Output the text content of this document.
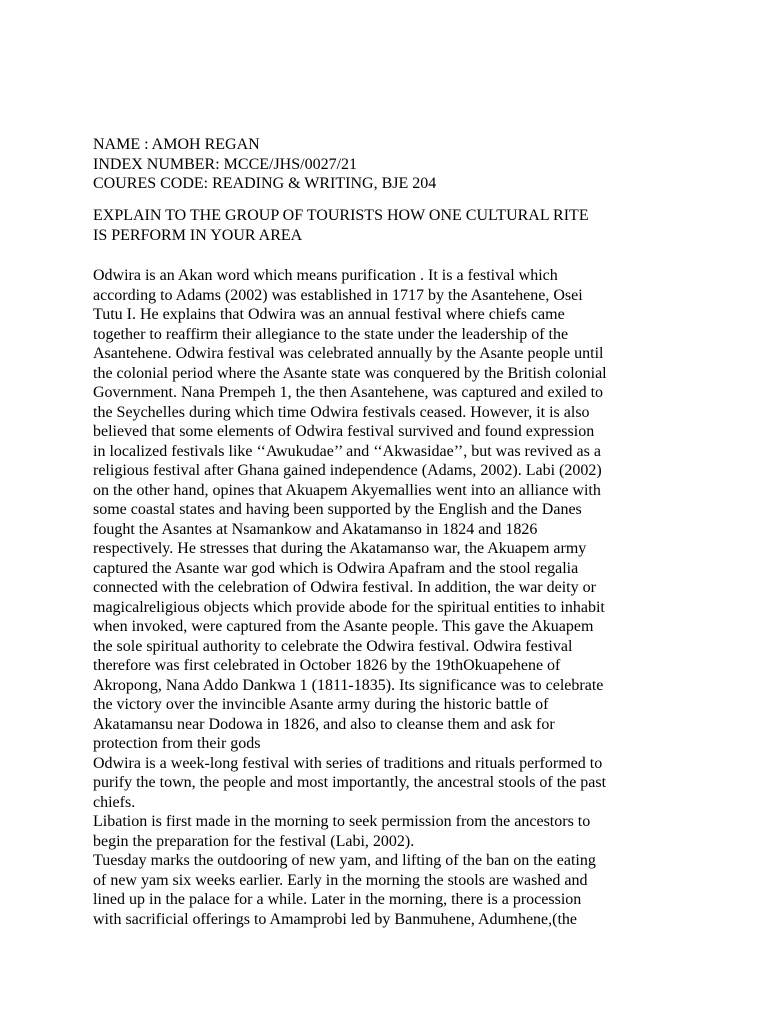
NAME : AMOH REGAN
INDEX NUMBER: MCCE/JHS/0027/21
COURES CODE: READING & WRITING, BJE 204
EXPLAIN TO THE GROUP OF TOURISTS HOW ONE CULTURAL RITE
IS PERFORM IN YOUR AREA
Odwira is an Akan word which means purification . It is a festival which
according to Adams (2002) was established in 1717 by the Asantehene, Osei
Tutu I. He explains that Odwira was an annual festival where chiefs came
together to reaffirm their allegiance to the state under the leadership of the
Asantehene. Odwira festival was celebrated annually by the Asante people until
the colonial period where the Asante state was conquered by the British colonial
Government. Nana Prempeh 1, the then Asantehene, was captured and exiled to
the Seychelles during which time Odwira festivals ceased. However, it is also
believed that some elements of Odwira festival survived and found expression
in localized festivals like ‘‘Awukudae’’ and ‘‘Akwasidae’’, but was revived as a
religious festival after Ghana gained independence (Adams, 2002). Labi (2002)
on the other hand, opines that Akuapem Akyemallies went into an alliance with
some coastal states and having been supported by the English and the Danes
fought the Asantes at Nsamankow and Akatamanso in 1824 and 1826
respectively. He stresses that during the Akatamanso war, the Akuapem army
captured the Asante war god which is Odwira Apafram and the stool regalia
connected with the celebration of Odwira festival. In addition, the war deity or
magicalreligious objects which provide abode for the spiritual entities to inhabit
when invoked, were captured from the Asante people. This gave the Akuapem
the sole spiritual authority to celebrate the Odwira festival. Odwira festival
therefore was first celebrated in October 1826 by the 19thOkuapehene of
Akropong, Nana Addo Dankwa 1 (1811-1835). Its significance was to celebrate
the victory over the invincible Asante army during the historic battle of
Akatamansu near Dodowa in 1826, and also to cleanse them and ask for
protection from their gods
Odwira is a week-long festival with series of traditions and rituals performed to
purify the town, the people and most importantly, the ancestral stools of the past
chiefs.
Libation is first made in the morning to seek permission from the ancestors to
begin the preparation for the festival (Labi, 2002).
Tuesday marks the outdooring of new yam, and lifting of the ban on the eating
of new yam six weeks earlier. Early in the morning the stools are washed and
lined up in the palace for a while. Later in the morning, there is a procession
with sacrificial offerings to Amamprobi led by Banmuhene, Adumhene,(the
